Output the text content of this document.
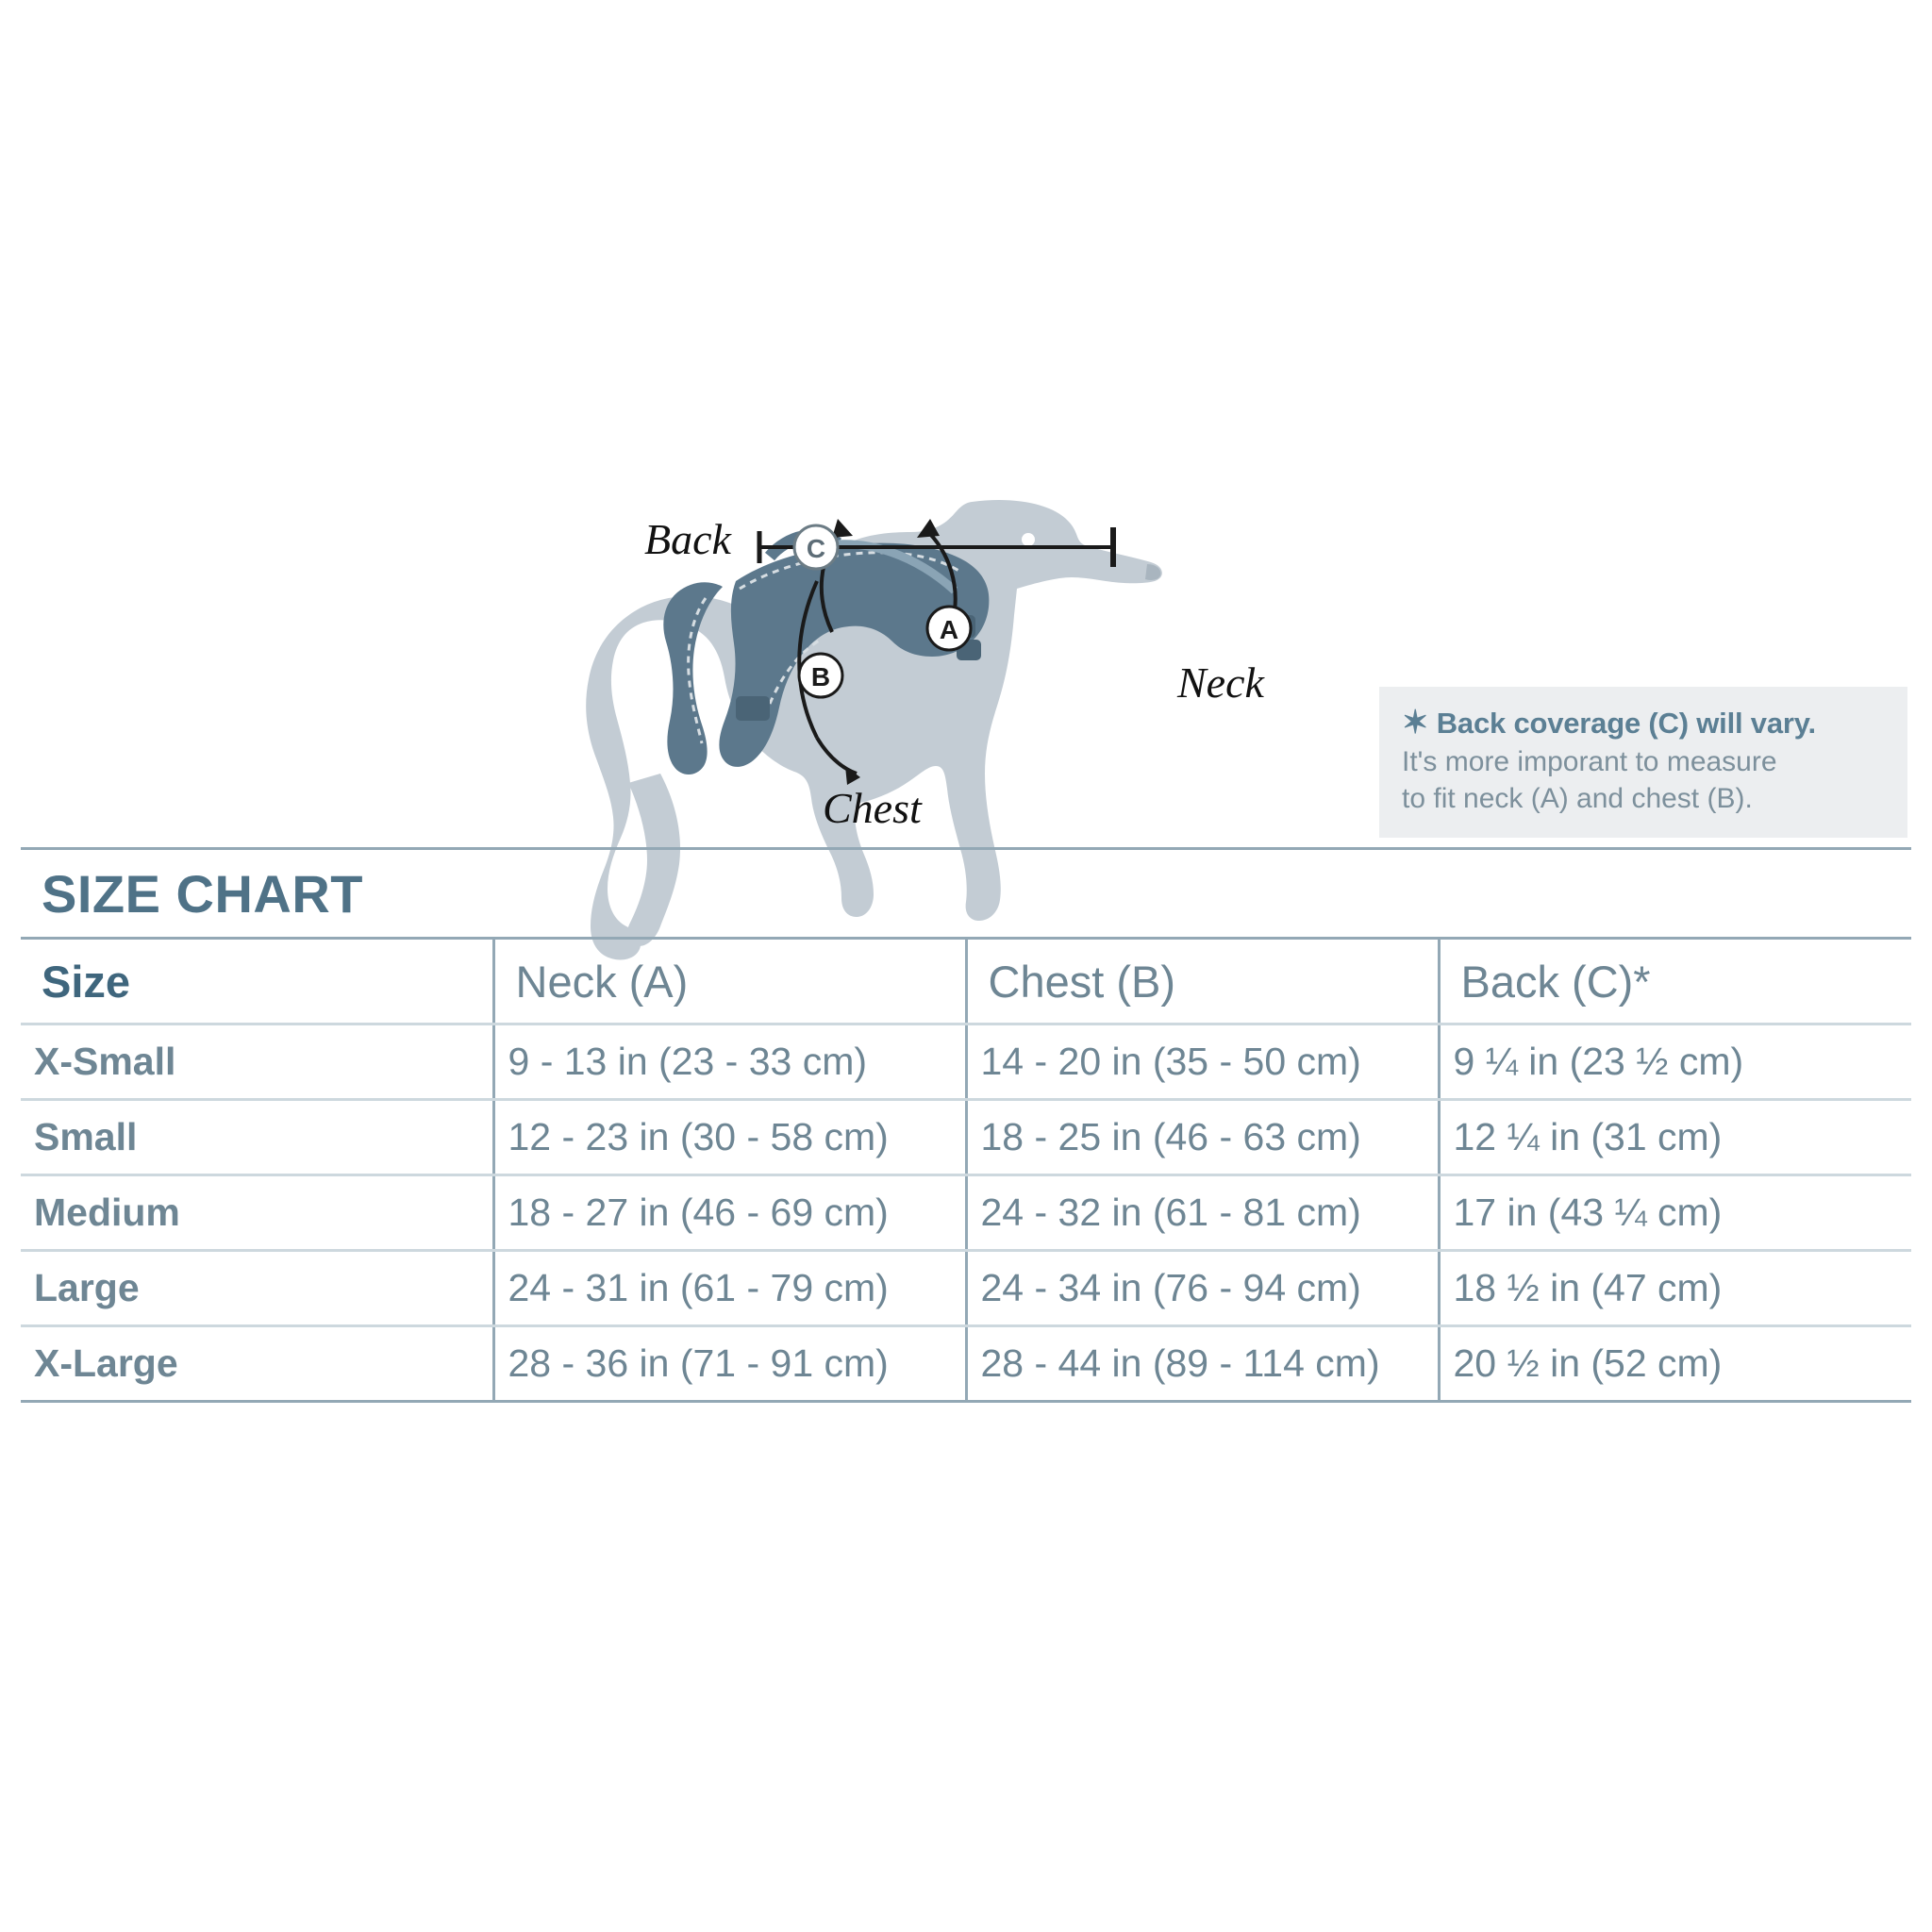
A
B
C
Back
Neck
Chest
✶ Back coverage (C) will vary.
It's more imporant to measure
to fit neck (A) and chest (B).
SIZE CHART			
Size	Neck (A)	Chest (B)	Back (C)*
X-Small	9 - 13 in (23 - 33 cm)	14 - 20 in (35 - 50 cm)	9 ¼ in (23 ½ cm)
Small	12 - 23 in (30 - 58 cm)	18 - 25 in (46 - 63 cm)	12 ¼ in (31 cm)
Medium	18 - 27 in (46 - 69 cm)	24 - 32 in (61 - 81 cm)	17 in (43 ¼ cm)
Large	24 - 31 in (61 - 79 cm)	24 - 34 in (76 - 94 cm)	18 ½ in (47 cm)
X-Large	28 - 36 in (71 - 91 cm)	28 - 44 in (89 - 114 cm)	20 ½ in (52 cm)
